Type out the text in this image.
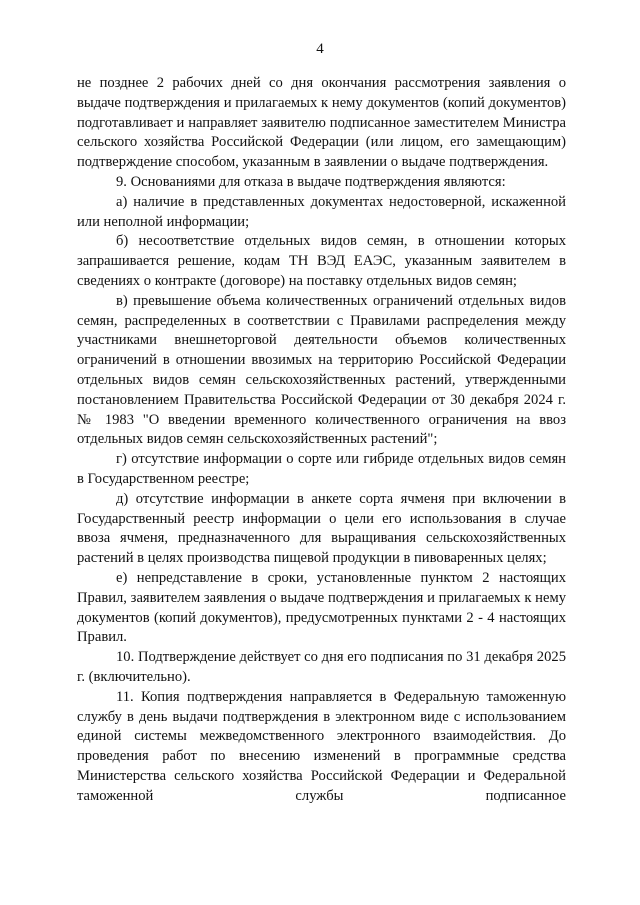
4

не позднее 2 рабочих дней со дня окончания рассмотрения заявления о выдаче подтверждения и прилагаемых к нему документов (копий документов) подготавливает и направляет заявителю подписанное заместителем Министра сельского хозяйства Российской Федерации (или лицом, его замещающим) подтверждение способом, указанным в заявлении о выдаче подтверждения.

9. Основаниями для отказа в выдаче подтверждения являются:

а) наличие в представленных документах недостоверной, искаженной или неполной информации;

б) несоответствие отдельных видов семян, в отношении которых запрашивается решение, кодам ТН ВЭД ЕАЭС, указанным заявителем в сведениях о контракте (договоре) на поставку отдельных видов семян;

в) превышение объема количественных ограничений отдельных видов семян, распределенных в соответствии с Правилами распределения между участниками внешнеторговой деятельности объемов количественных ограничений в отношении ввозимых на территорию Российской Федерации отдельных видов семян сельскохозяйственных растений, утвержденными постановлением Правительства Российской Федерации от 30 декабря 2024 г. № 1983 "О введении временного количественного ограничения на ввоз отдельных видов семян сельскохозяйственных растений";

г) отсутствие информации о сорте или гибриде отдельных видов семян в Государственном реестре;

д) отсутствие информации в анкете сорта ячменя при включении в Государственный реестр информации о цели его использования в случае ввоза ячменя, предназначенного для выращивания сельскохозяйственных растений в целях производства пищевой продукции в пивоваренных целях;

е) непредставление в сроки, установленные пунктом 2 настоящих Правил, заявителем заявления о выдаче подтверждения и прилагаемых к нему документов (копий документов), предусмотренных пунктами 2 - 4 настоящих Правил.

10. Подтверждение действует со дня его подписания по 31 декабря 2025 г. (включительно).

11. Копия подтверждения направляется в Федеральную таможенную службу в день выдачи подтверждения в электронном виде с использованием единой системы межведомственного электронного взаимодействия. До проведения работ по внесению изменений в программные средства Министерства сельского хозяйства Российской Федерации и Федеральной таможенной службы подписанное
